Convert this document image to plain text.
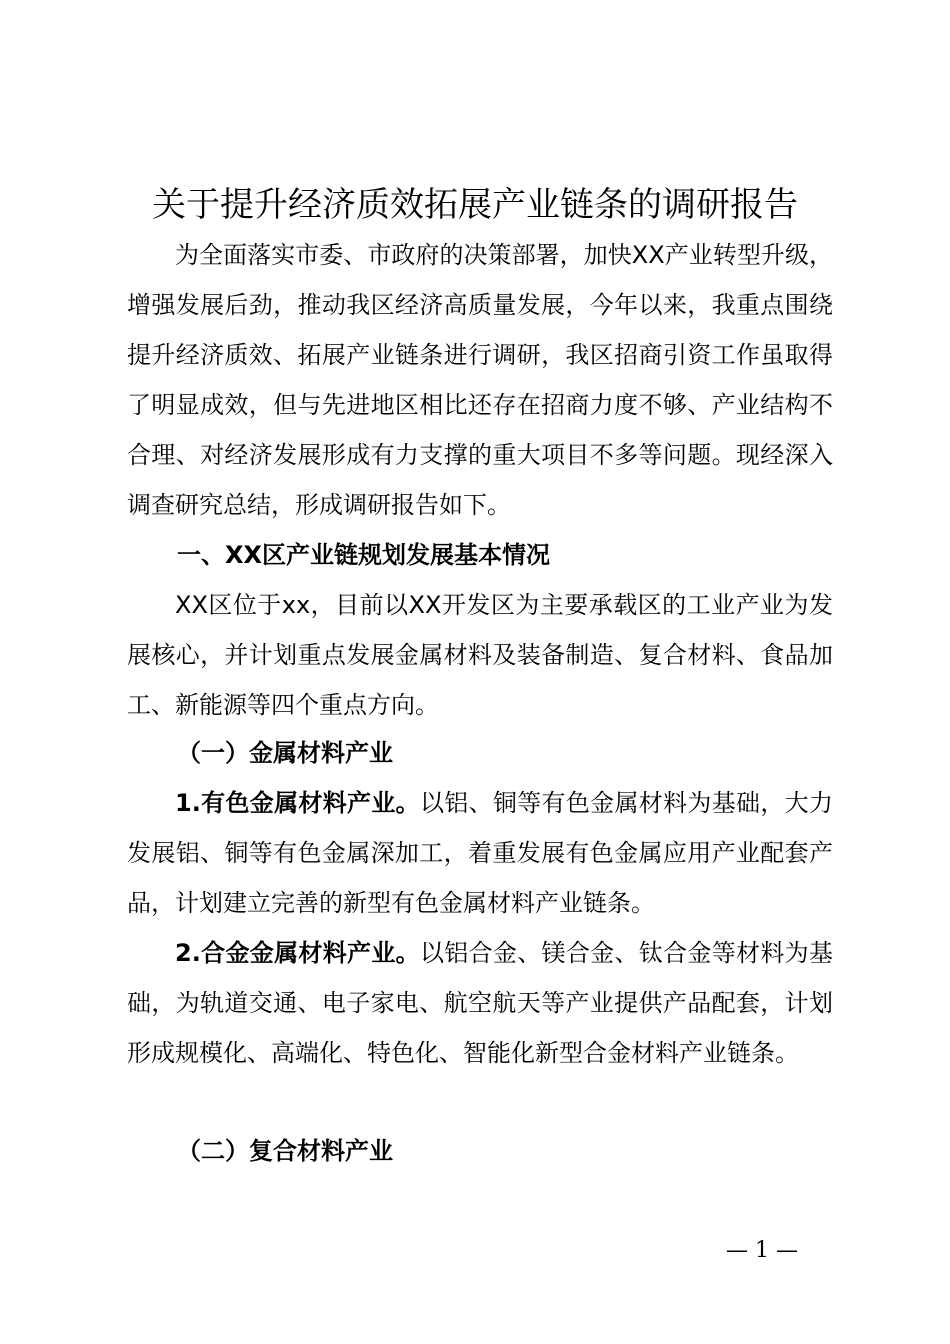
关于提升经济质效拓展产业链条的调研报告

为全面落实市委、市政府的决策部署，加快XX产业转型升级，增强发展后劲，推动我区经济高质量发展，今年以来，我重点围绕提升经济质效、拓展产业链条进行调研，我区招商引资工作虽取得了明显成效，但与先进地区相比还存在招商力度不够、产业结构不合理、对经济发展形成有力支撑的重大项目不多等问题。现经深入调查研究总结，形成调研报告如下。

一、XX区产业链规划发展基本情况

XX区位于xx，目前以XX开发区为主要承载区的工业产业为发展核心，并计划重点发展金属材料及装备制造、复合材料、食品加工、新能源等四个重点方向。

（一）金属材料产业

1.有色金属材料产业。以铝、铜等有色金属材料为基础，大力发展铝、铜等有色金属深加工，着重发展有色金属应用产业配套产品，计划建立完善的新型有色金属材料产业链条。

2.合金金属材料产业。以铝合金、镁合金、钛合金等材料为基础，为轨道交通、电子家电、航空航天等产业提供产品配套，计划形成规模化、高端化、特色化、智能化新型合金材料产业链条。

（二）复合材料产业
— 1 —
